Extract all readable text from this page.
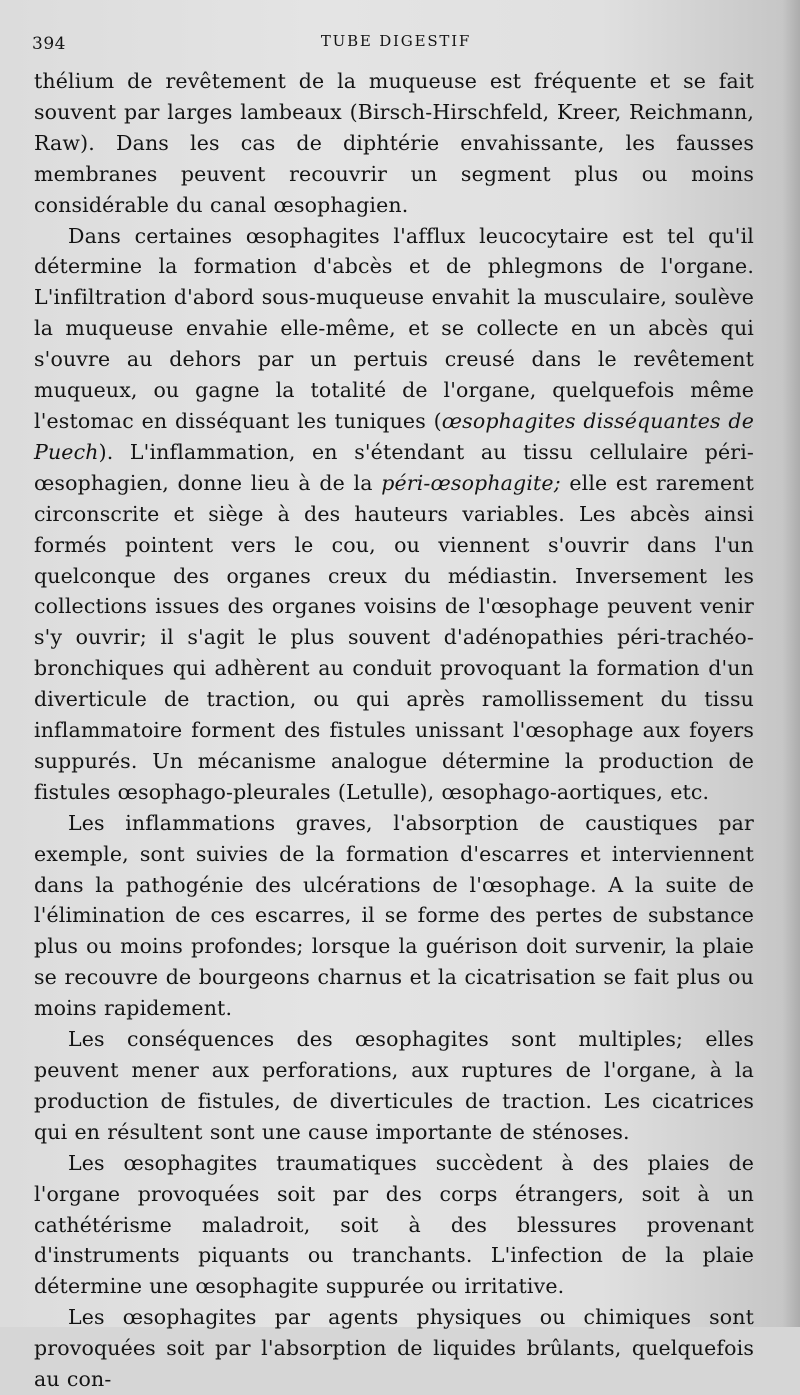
394	TUBE DIGESTIF

thélium de revêtement de la muqueuse est fréquente et se fait souvent par larges lambeaux (Birsch-Hirschfeld, Kreer, Reichmann, Raw). Dans les cas de diphtérie envahissante, les fausses membranes peuvent recouvrir un segment plus ou moins considérable du canal œsophagien.

Dans certaines œsophagites l'afflux leucocytaire est tel qu'il détermine la formation d'abcès et de phlegmons de l'organe. L'infiltration d'abord sous-muqueuse envahit la musculaire, soulève la muqueuse envahie elle-même, et se collecte en un abcès qui s'ouvre au dehors par un pertuis creusé dans le revêtement muqueux, ou gagne la totalité de l'organe, quelquefois même l'estomac en disséquant les tuniques (œsophagites disséquantes de Puech). L'inflammation, en s'étendant au tissu cellulaire péri-œsophagien, donne lieu à de la péri-œsophagite; elle est rarement circonscrite et siège à des hauteurs variables. Les abcès ainsi formés pointent vers le cou, ou viennent s'ouvrir dans l'un quelconque des organes creux du médiastin. Inversement les collections issues des organes voisins de l'œsophage peuvent venir s'y ouvrir; il s'agit le plus souvent d'adénopathies péri-trachéo-bronchiques qui adhèrent au conduit provoquant la formation d'un diverticule de traction, ou qui après ramollissement du tissu inflammatoire forment des fistules unissant l'œsophage aux foyers suppurés. Un mécanisme analogue détermine la production de fistules œsophago-pleurales (Letulle), œsophago-aortiques, etc.

Les inflammations graves, l'absorption de caustiques par exemple, sont suivies de la formation d'escarres et interviennent dans la pathogénie des ulcérations de l'œsophage. A la suite de l'élimination de ces escarres, il se forme des pertes de substance plus ou moins profondes; lorsque la guérison doit survenir, la plaie se recouvre de bourgeons charnus et la cicatrisation se fait plus ou moins rapidement.

Les conséquences des œsophagites sont multiples; elles peuvent mener aux perforations, aux ruptures de l'organe, à la production de fistules, de diverticules de traction. Les cicatrices qui en résultent sont une cause importante de sténoses.

Les œsophagites traumatiques succèdent à des plaies de l'organe provoquées soit par des corps étrangers, soit à un cathétérisme maladroit, soit à des blessures provenant d'instruments piquants ou tranchants. L'infection de la plaie détermine une œsophagite suppurée ou irritative.

Les œsophagites par agents physiques ou chimiques sont provoquées soit par l'absorption de liquides brûlants, quelquefois au con-
